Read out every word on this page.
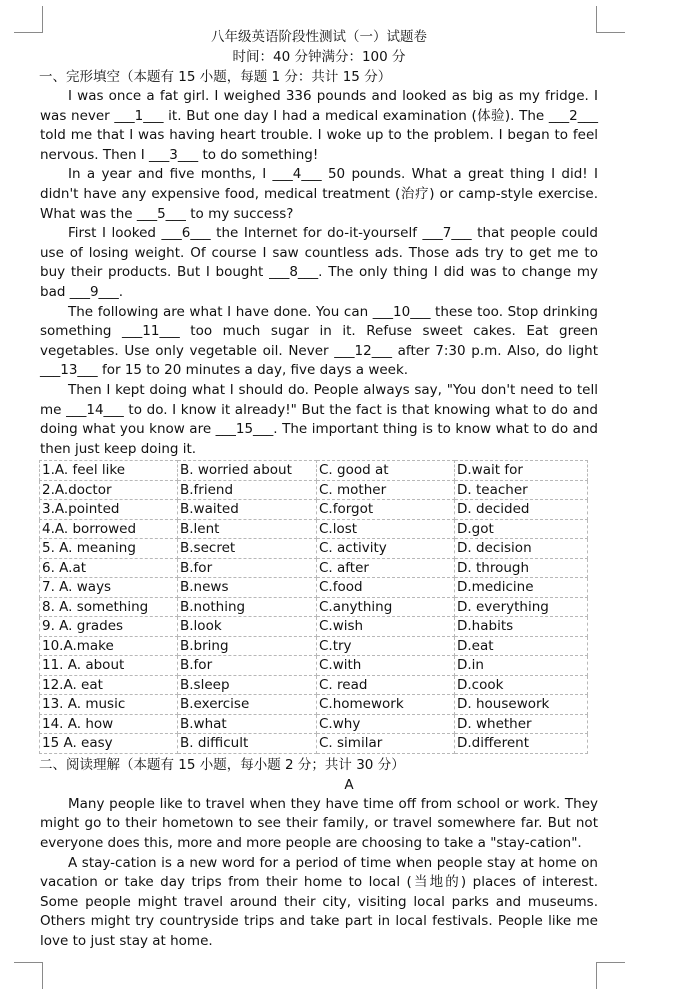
八年级英语阶段性测试（一）试题卷
时间：40 分钟满分：100 分
一、完形填空（本题有 15 小题，每题 1 分：共计 15 分）

I was once a fat girl. I weighed 336 pounds and looked as big as my fridge. I was never ___1___ it. But one day I had a medical examination (体验). The ___2___ told me that I was having heart trouble. I woke up to the problem. I began to feel nervous. Then I ___3___ to do something!

In a year and five months, I ___4___ 50 pounds. What a great thing I did! I didn't have any expensive food, medical treatment (治疗) or camp-style exercise. What was the ___5___ to my success?

First I looked ___6___ the Internet for do-it-yourself ___7___ that people could use of losing weight. Of course I saw countless ads. Those ads try to get me to buy their products. But I bought ___8___. The only thing I did was to change my bad ___9___.

The following are what I have done. You can ___10___ these too. Stop drinking something ___11___ too much sugar in it. Refuse sweet cakes. Eat green vegetables. Use only vegetable oil. Never ___12___ after 7:30 p.m. Also, do light ___13___ for 15 to 20 minutes a day, five days a week.

Then I kept doing what I should do. People always say, "You don't need to tell me ___14___ to do. I know it already!" But the fact is that knowing what to do and doing what you know are ___15___. The important thing is to know what to do and then just keep doing it.

1.A. feel like	B. worried about	C. good at	D.wait for
2.A.doctor	B.friend	C. mother	D. teacher
3.A.pointed	B.waited	C.forgot	D. decided
4.A. borrowed	B.lent	C.lost	D.got
5. A. meaning	B.secret	C. activity	D. decision
6. A.at	B.for	C. after	D. through
7. A. ways	B.news	C.food	D.medicine
8. A. something	B.nothing	C.anything	D. everything
9. A. grades	B.look	C.wish	D.habits
10.A.make	B.bring	C.try	D.eat
11. A. about	B.for	C.with	D.in
12.A. eat	B.sleep	C. read	D.cook
13. A. music	B.exercise	C.homework	D. housework
14. A. how	B.what	C.why	D. whether
15 A. easy	B. difficult	C. similar	D.different
二、阅读理解（本题有 15 小题，每小题 2 分；共计 30 分）
A

Many people like to travel when they have time off from school or work. They might go to their hometown to see their family, or travel somewhere far. But not everyone does this, more and more people are choosing to take a "stay-cation".

A stay-cation is a new word for a period of time when people stay at home on vacation or take day trips from their home to local (当地的) places of interest. Some people might travel around their city, visiting local parks and museums. Others might try countryside trips and take part in local festivals. People like me love to just stay at home.
